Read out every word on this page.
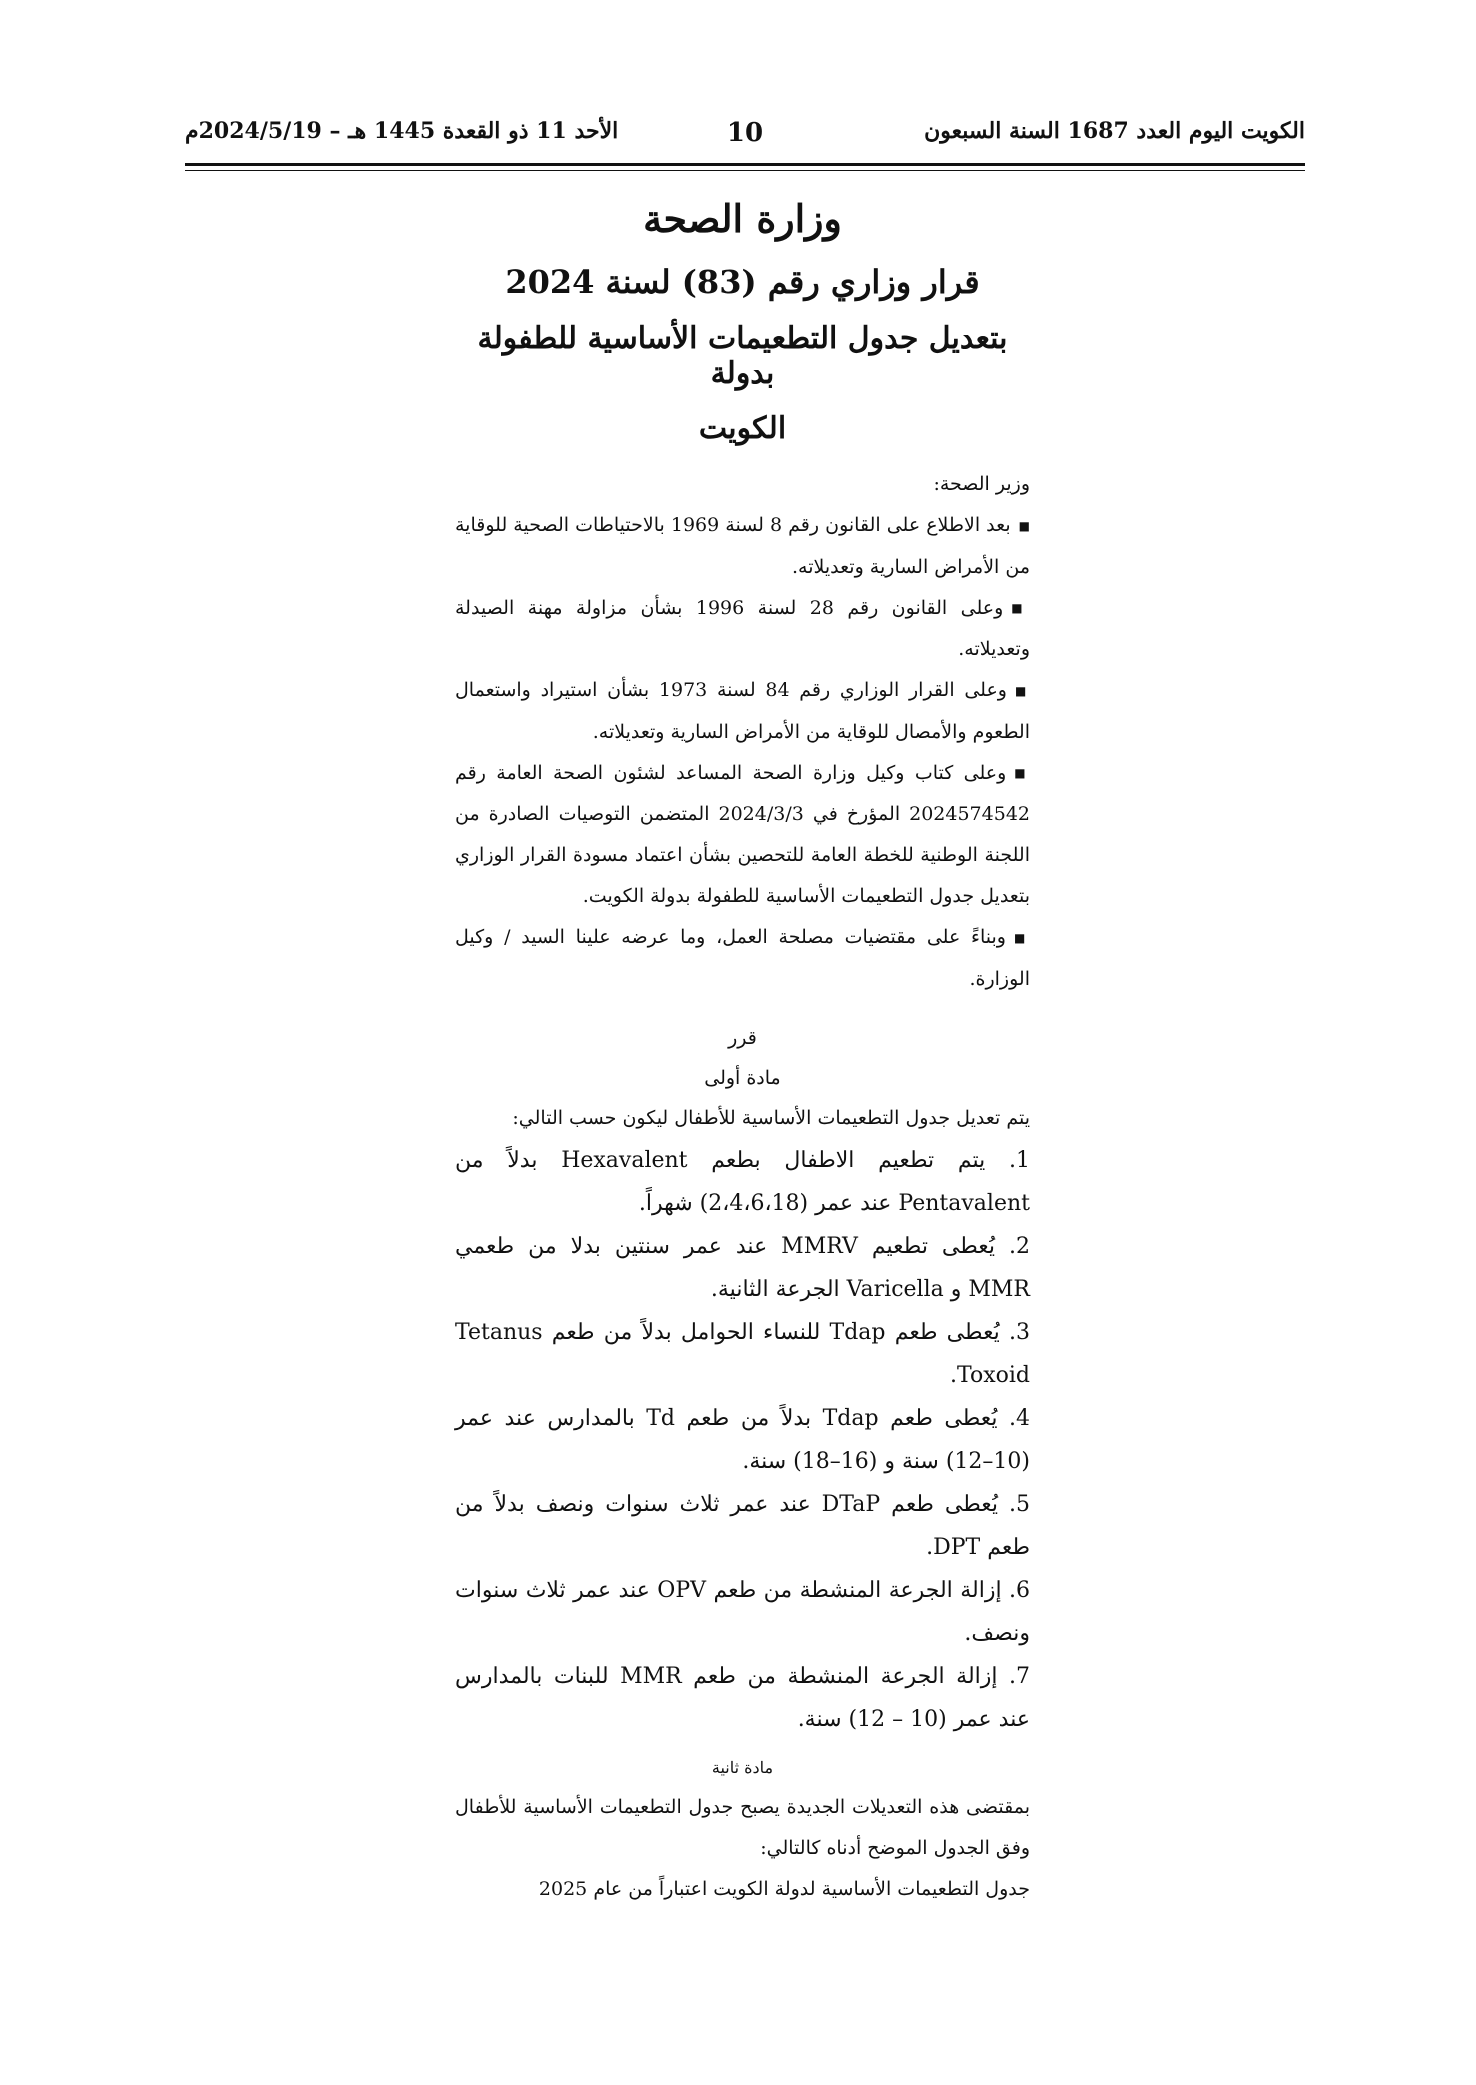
الكويت اليوم العدد 1687 السنة السبعون
10
الأحد 11 ذو القعدة 1445 هـ – 2024/5/19م
وزارة الصحة
قرار وزاري رقم (83) لسنة 2024
بتعديل جدول التطعيمات الأساسية للطفولة بدولة
الكويت
وزير الصحة:
■ بعد الاطلاع على القانون رقم 8 لسنة 1969 بالاحتياطات الصحية للوقاية من الأمراض السارية وتعديلاته.
■ وعلى القانون رقم 28 لسنة 1996 بشأن مزاولة مهنة الصيدلة وتعديلاته.
■ وعلى القرار الوزاري رقم 84 لسنة 1973 بشأن استيراد واستعمال الطعوم والأمصال للوقاية من الأمراض السارية وتعديلاته.
■ وعلى كتاب وكيل وزارة الصحة المساعد لشئون الصحة العامة رقم 2024574542 المؤرخ في 2024/3/3 المتضمن التوصيات الصادرة من اللجنة الوطنية للخطة العامة للتحصين بشأن اعتماد مسودة القرار الوزاري بتعديل جدول التطعيمات الأساسية للطفولة بدولة الكويت.
■ وبناءً على مقتضيات مصلحة العمل، وما عرضه علينا السيد / وكيل الوزارة.
قرر
مادة أولى
يتم تعديل جدول التطعيمات الأساسية للأطفال ليكون حسب التالي:
1. يتم تطعيم الاطفال بطعم Hexavalent بدلاً من Pentavalent عند عمر (2،4،6،18) شهراً.
2. يُعطى تطعيم MMRV عند عمر سنتين بدلا من طعمي MMR و Varicella الجرعة الثانية.
3. يُعطى طعم Tdap للنساء الحوامل بدلاً من طعم Tetanus Toxoid.
4. يُعطى طعم Tdap بدلاً من طعم Td بالمدارس عند عمر (10–12) سنة و (16–18) سنة.
5. يُعطى طعم DTaP عند عمر ثلاث سنوات ونصف بدلاً من طعم DPT.
6. إزالة الجرعة المنشطة من طعم OPV عند عمر ثلاث سنوات ونصف.
7. إزالة الجرعة المنشطة من طعم MMR للبنات بالمدارس عند عمر (10 – 12) سنة.
مادة ثانية
بمقتضى هذه التعديلات الجديدة يصبح جدول التطعيمات الأساسية للأطفال وفق الجدول الموضح أدناه كالتالي:
جدول التطعيمات الأساسية لدولة الكويت اعتباراً من عام 2025
